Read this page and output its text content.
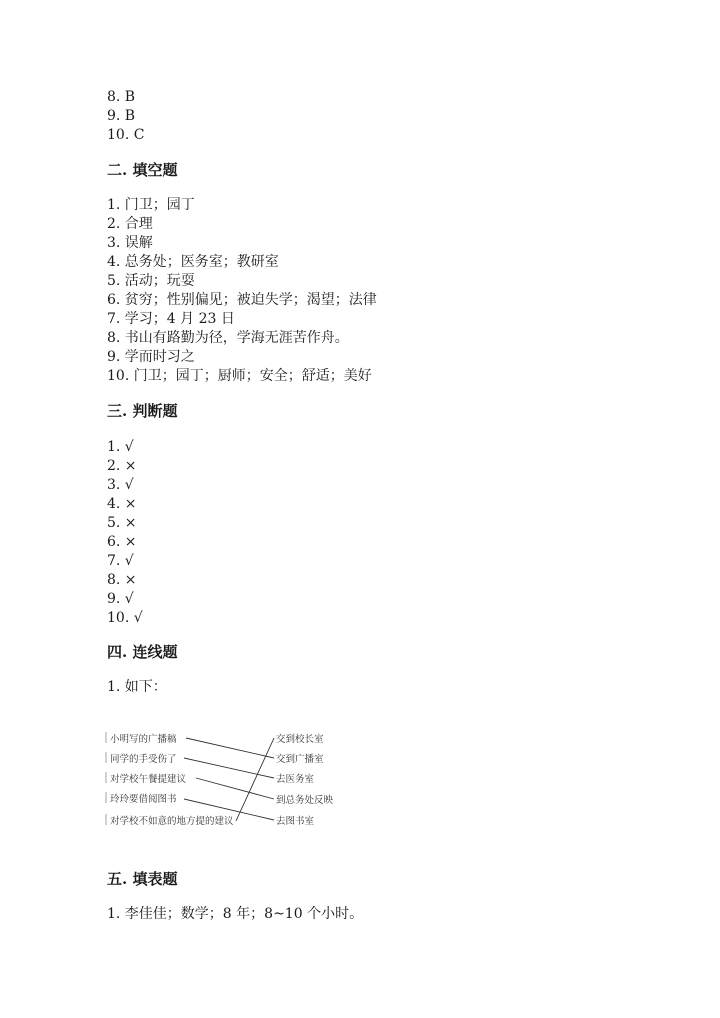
8. B
9. B
10. C
二. 填空题
1. 门卫；园丁
2. 合理
3. 误解
4. 总务处；医务室；教研室
5. 活动；玩耍
6. 贫穷；性别偏见；被迫失学；渴望；法律
7. 学习；4 月 23 日
8. 书山有路勤为径，学海无涯苦作舟。
9. 学而时习之
10. 门卫；园丁；厨师；安全；舒适；美好
三. 判断题
1. √
2. ×
3. √
4. ×
5. ×
6. ×
7. √
8. ×
9. √
10. √
四. 连线题
1. 如下：
小明写的广播稿
同学的手受伤了
对学校午餐提建议
玲玲要借阅图书
对学校不如意的地方提的建议
交到校长室
交到广播室
去医务室
到总务处反映
去图书室
五. 填表题
1. 李佳佳；数学；8 年；8~10 个小时。
